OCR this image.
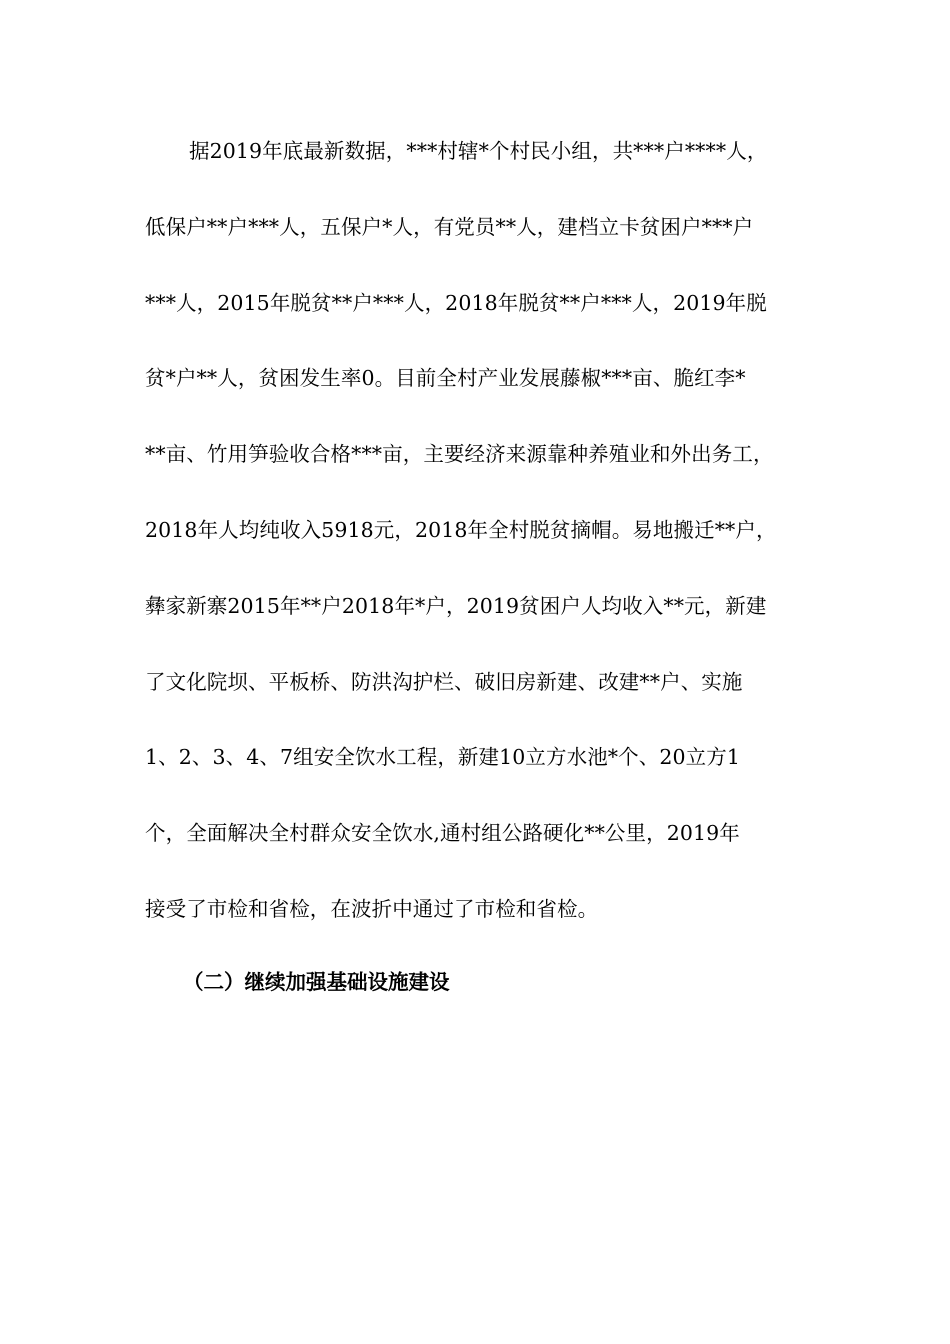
据2019年底最新数据，***村辖*个村民小组，共***户****人，
低保户**户***人，五保户*人，有党员**人，建档立卡贫困户***户
***人，2015年脱贫**户***人，2018年脱贫**户***人，2019年脱
贫*户**人，贫困发生率0。目前全村产业发展藤椒***亩、脆红李*
**亩、竹用笋验收合格***亩，主要经济来源靠种养殖业和外出务工，
2018年人均纯收入5918元，2018年全村脱贫摘帽。易地搬迁**户，
彝家新寨2015年**户2018年*户，2019贫困户人均收入**元，新建
了文化院坝、平板桥、防洪沟护栏、破旧房新建、改建**户、实施
1、2、3、4、7组安全饮水工程，新建10立方水池*个、20立方1
个，全面解决全村群众安全饮水,通村组公路硬化**公里，2019年
接受了市检和省检，在波折中通过了市检和省检。
（二）继续加强基础设施建设
